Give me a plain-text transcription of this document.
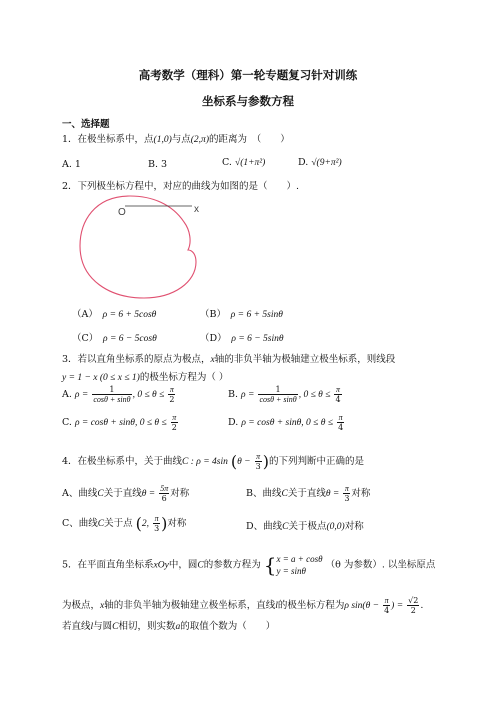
高考数学（理科）第一轮专题复习针对训练
坐标系与参数方程
一、选择题
1．在极坐标系中，点(1,0)与点(2,π)的距离为　（　　）
A. 1	B. 3	C. √(1+π²)	D. √(9+π²)
2．下列极坐标方程中，对应的曲线为如图的是（　　）.
O	x
（A）　 ρ = 6 + 5cosθ	（B）　 ρ = 6 + 5sinθ
（C）　 ρ = 6 − 5cosθ	（D）　 ρ = 6 − 5sinθ
3．若以直角坐标系的原点为极点，x轴的非负半轴为极轴建立极坐标系，则线段
y = 1 − x (0 ≤ x ≤ 1)的极坐标方程为（ ）
A. $\rho = \frac{1}{\cos\theta + \sin\theta}$ , $0 \le \theta \le \frac{\pi}{2}$	B. $\rho = \frac{1}{\cos\theta + \sin\theta}$ , $0 \le \theta \le \frac{\pi}{4}$
C. ρ = cosθ + sinθ, $0 \le \theta \le \frac{\pi}{2}$	D. ρ = cosθ + sinθ, $0 \le \theta \le \frac{\pi}{4}$
4．在极坐标系中，关于曲线C : ρ = 4sin ($\theta - \frac{\pi}{3}$ )的下列判断中正确的是
A、曲线C关于直线$\theta = \frac{5\pi}{6}$ 对称	B、曲线C关于直线$\theta = \frac{\pi}{3}$ 对称
C、曲线C关于点 (2, $\frac{\pi}{3}$ )对称	D、曲线C关于极点(0,0)对称
5．在平面直角坐标系xOy中，圆C的参数方程为 { x = a + cosθ
y = sinθ
（θ 为参数）. 以坐标原点
为极点，x轴的非负半轴为极轴建立极坐标系，直线l的极坐标方程为ρ $\sin(\theta - \frac{\pi}{4}$ ) = $\frac{√2}{2}$ .
若直线l与圆C相切，则实数a的取值个数为（　　）
